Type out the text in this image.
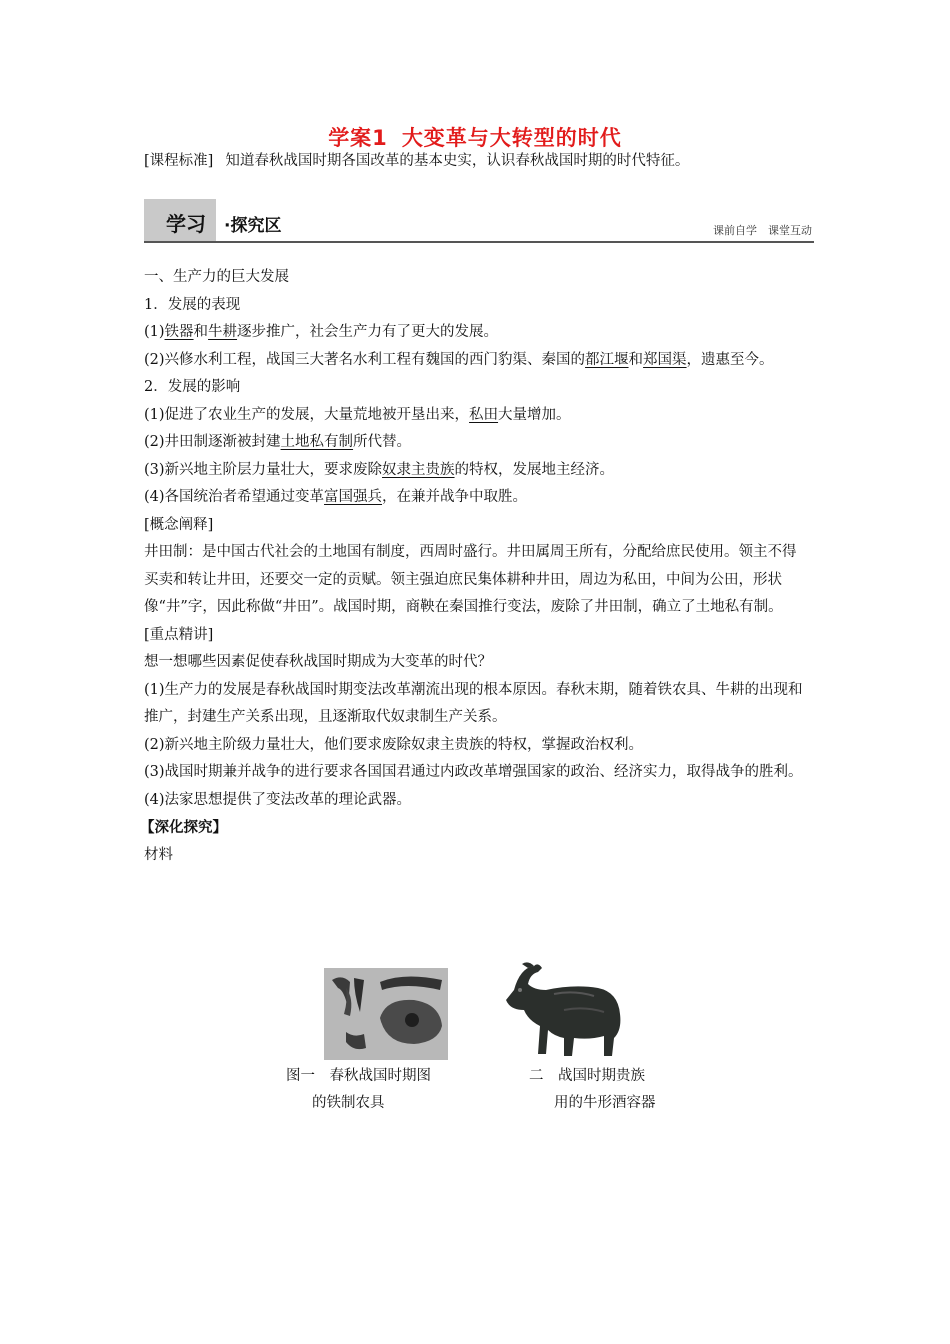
学案1 大变革与大转型的时代
[课程标准] 知道春秋战国时期各国改革的基本史实，认识春秋战国时期的时代特征。
学习 ·探究区	课前自学　课堂互动

一、生产力的巨大发展

1．发展的表现

(1)铁器和牛耕逐步推广，社会生产力有了更大的发展。

(2)兴修水利工程，战国三大著名水利工程有魏国的西门豹渠、秦国的都江堰和郑国渠，遗惠至今。

2．发展的影响

(1)促进了农业生产的发展，大量荒地被开垦出来，私田大量增加。

(2)井田制逐渐被封建土地私有制所代替。

(3)新兴地主阶层力量壮大，要求废除奴隶主贵族的特权，发展地主经济。

(4)各国统治者希望通过变革富国强兵，在兼并战争中取胜。

[概念阐释]

井田制：是中国古代社会的土地国有制度，西周时盛行。井田属周王所有，分配给庶民使用。领主不得买卖和转让井田，还要交一定的贡赋。领主强迫庶民集体耕种井田，周边为私田，中间为公田，形状像“井”字，因此称做“井田”。战国时期，商鞅在秦国推行变法，废除了井田制，确立了土地私有制。

[重点精讲]

想一想哪些因素促使春秋战国时期成为大变革的时代？

(1)生产力的发展是春秋战国时期变法改革潮流出现的根本原因。春秋末期，随着铁农具、牛耕的出现和推广，封建生产关系出现，且逐渐取代奴隶制生产关系。

(2)新兴地主阶级力量壮大，他们要求废除奴隶主贵族的特权，掌握政治权利。

(3)战国时期兼并战争的进行要求各国国君通过内政改革增强国家的政治、经济实力，取得战争的胜利。

(4)法家思想提供了变法改革的理论武器。

【深化探究】

材料

图一　春秋战国时期图
的铁制农具
二　战国时期贵族
用的牛形酒容器
